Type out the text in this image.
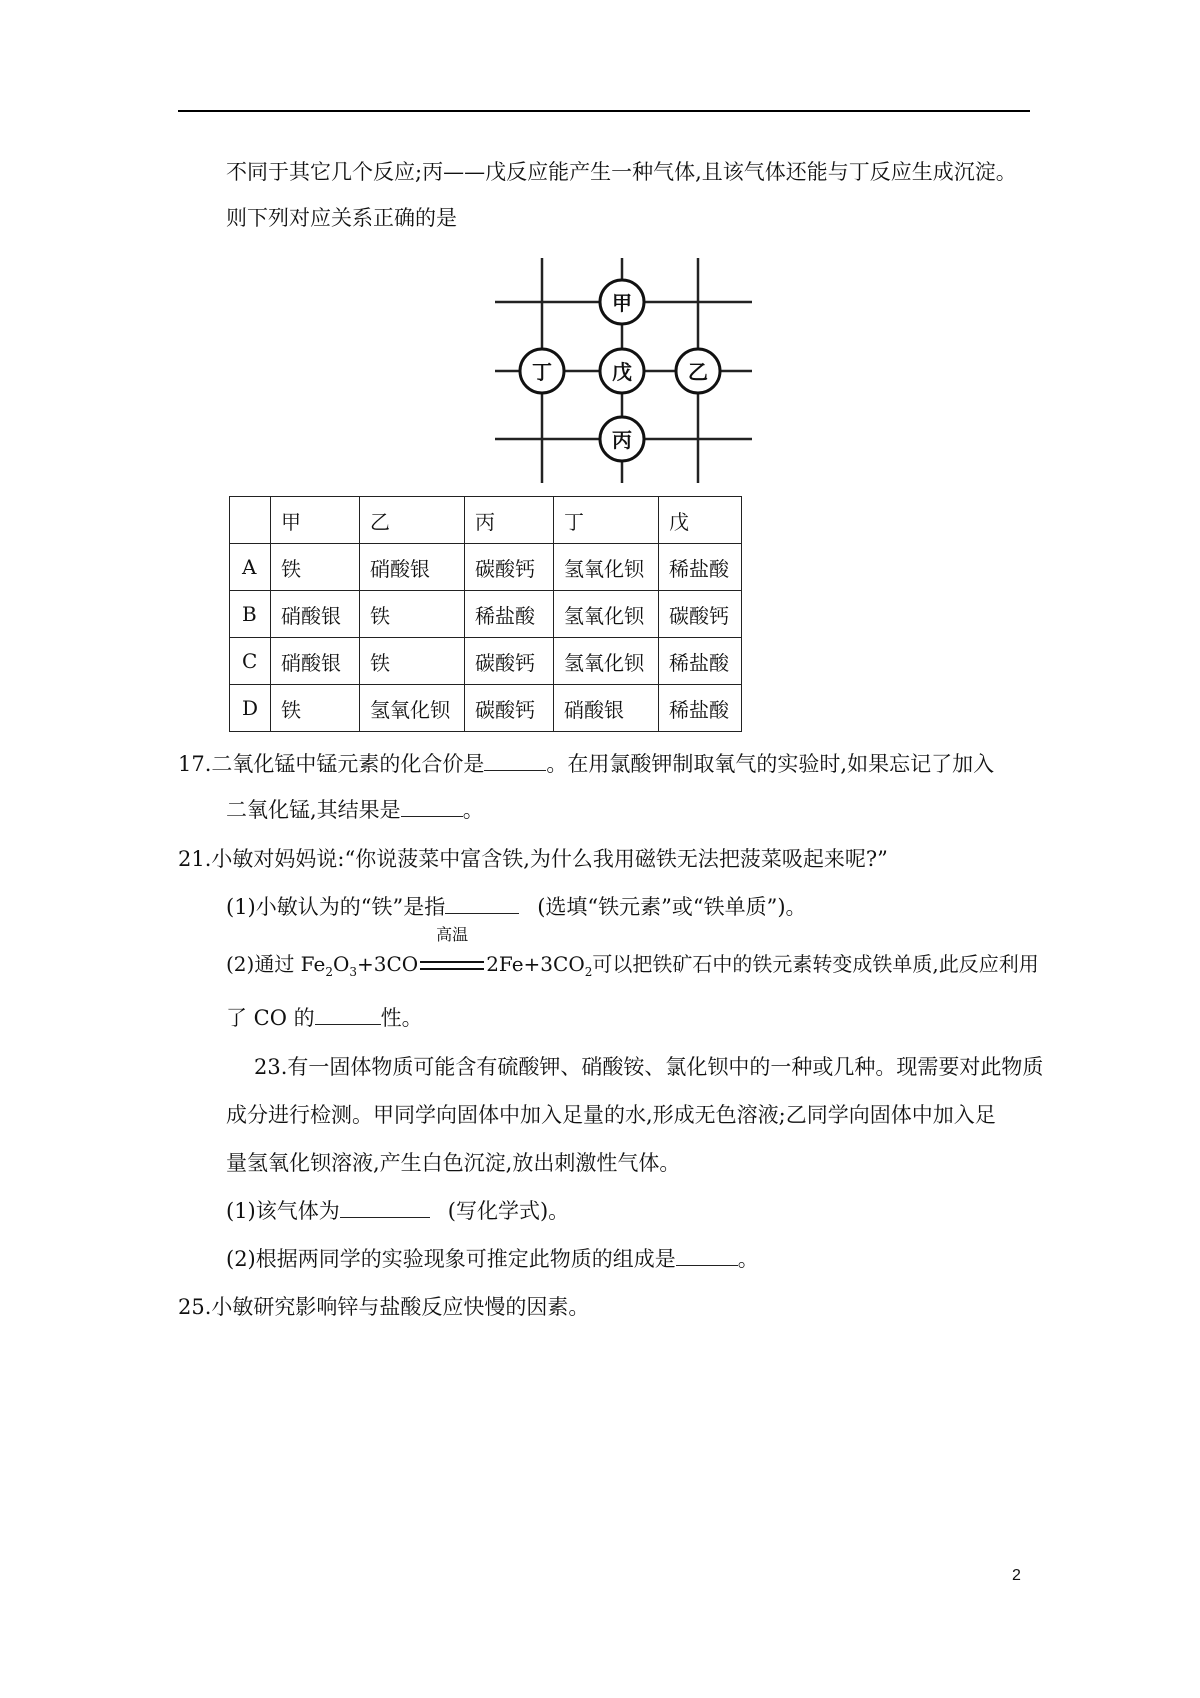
不同于其它几个反应;丙——戊反应能产生一种气体,且该气体还能与丁反应生成沉淀。
则下列对应关系正确的是
甲
丁	戊	乙
丙
	甲	乙	丙	丁	戊
A	铁	硝酸银	碳酸钙	氢氧化钡	稀盐酸
B	硝酸银	铁	稀盐酸	氢氧化钡	碳酸钙
C	硝酸银	铁	碳酸钙	氢氧化钡	稀盐酸
D	铁	氢氧化钡	碳酸钙	硝酸银	稀盐酸
17.二氧化锰中锰元素的化合价是	。在用氯酸钾制取氧气的实验时,如果忘记了加入
二氧化锰,其结果是	。
21.小敏对妈妈说:“你说菠菜中富含铁,为什么我用磁铁无法把菠菜吸起来呢?”
(1)小敏认为的“铁”是指	(选填“铁元素”或“铁单质”)。
(2)通过 $Fe_2O_3+3CO$
高温
$2Fe+3CO_2$可以把铁矿石中的铁元素转变成铁单质,此反应利用
了 CO 的	性。
23.有一固体物质可能含有硫酸钾、硝酸铵、氯化钡中的一种或几种。现需要对此物质
成分进行检测。甲同学向固体中加入足量的水,形成无色溶液;乙同学向固体中加入足
量氢氧化钡溶液,产生白色沉淀,放出刺激性气体。
(1)该气体为	(写化学式)。
(2)根据两同学的实验现象可推定此物质的组成是	。
25.小敏研究影响锌与盐酸反应快慢的因素。
2
